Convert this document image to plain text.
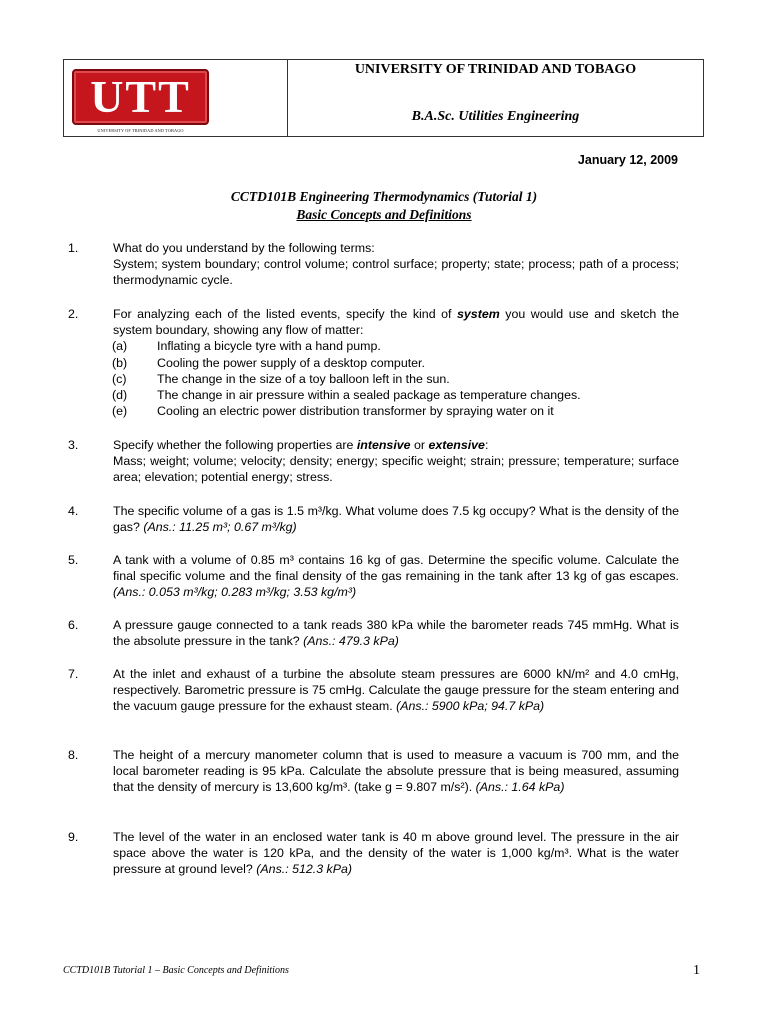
UTT
UNIVERSITY OF TRINIDAD AND TOBAGO
UNIVERSITY OF TRINIDAD AND TOBAGO
B.A.Sc. Utilities Engineering
January 12, 2009
CCTD101B Engineering Thermodynamics (Tutorial 1)
Basic Concepts and Definitions
1.	What do you understand by the following terms:
System; system boundary; control volume; control surface; property; state; process; path of a process; thermodynamic cycle.
2.	For analyzing each of the listed events, specify the kind of system you would use and sketch the system boundary, showing any flow of matter:
(a)	Inflating a bicycle tyre with a hand pump.
(b)	Cooling the power supply of a desktop computer.
(c)	The change in the size of a toy balloon left in the sun.
(d)	The change in air pressure within a sealed package as temperature changes.
(e)	Cooling an electric power distribution transformer by spraying water on it
3.	Specify whether the following properties are intensive or extensive:
Mass; weight; volume; velocity; density; energy; specific weight; strain; pressure; temperature; surface area; elevation; potential energy; stress.
4.	The specific volume of a gas is 1.5 m³/kg. What volume does 7.5 kg occupy? What is the density of the gas? (Ans.: 11.25 m³; 0.67 m³/kg)
5.	A tank with a volume of 0.85 m³ contains 16 kg of gas. Determine the specific volume. Calculate the final specific volume and the final density of the gas remaining in the tank after 13 kg of gas escapes. (Ans.: 0.053 m³/kg; 0.283 m³/kg; 3.53 kg/m³)
6.	A pressure gauge connected to a tank reads 380 kPa while the barometer reads 745 mmHg. What is the absolute pressure in the tank? (Ans.: 479.3 kPa)
7.	At the inlet and exhaust of a turbine the absolute steam pressures are 6000 kN/m² and 4.0 cmHg, respectively. Barometric pressure is 75 cmHg. Calculate the gauge pressure for the steam entering and the vacuum gauge pressure for the exhaust steam. (Ans.: 5900 kPa; 94.7 kPa)
8.	The height of a mercury manometer column that is used to measure a vacuum is 700 mm, and the local barometer reading is 95 kPa. Calculate the absolute pressure that is being measured, assuming that the density of mercury is 13,600 kg/m³. (take g = 9.807 m/s²). (Ans.: 1.64 kPa)
9.	The level of the water in an enclosed water tank is 40 m above ground level. The pressure in the air space above the water is 120 kPa, and the density of the water is 1,000 kg/m³. What is the water pressure at ground level? (Ans.: 512.3 kPa)
CCTD101B Tutorial 1 – Basic Concepts and Definitions	1
